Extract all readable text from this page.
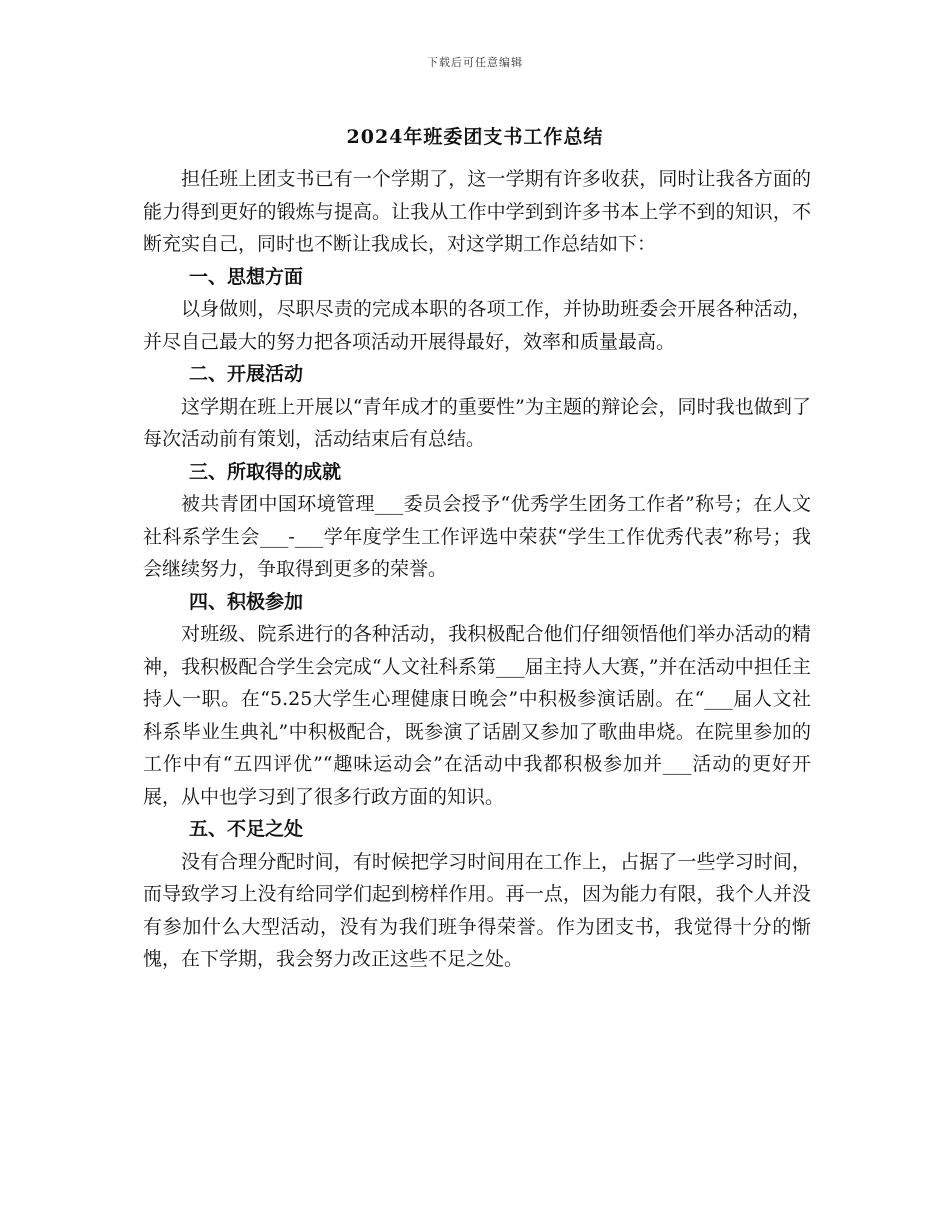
下载后可任意编辑
2024年班委团支书工作总结

担任班上团支书已有一个学期了，这一学期有许多收获，同时让我各方面的能力得到更好的锻炼与提高。让我从工作中学到到许多书本上学不到的知识，不断充实自己，同时也不断让我成长，对这学期工作总结如下：

一、思想方面

以身做则，尽职尽责的完成本职的各项工作，并协助班委会开展各种活动，并尽自己最大的努力把各项活动开展得最好，效率和质量最高。

二、开展活动

这学期在班上开展以“青年成才的重要性”为主题的辩论会，同时我也做到了每次活动前有策划，活动结束后有总结。

三、所取得的成就

被共青团中国环境管理___委员会授予“优秀学生团务工作者”称号；在人文社科系学生会___-___学年度学生工作评选中荣获“学生工作优秀代表”称号；我会继续努力，争取得到更多的荣誉。

四、积极参加

对班级、院系进行的各种活动，我积极配合他们仔细领悟他们举办活动的精神，我积极配合学生会完成“人文社科系第___届主持人大赛，”并在活动中担任主持人一职。在“5.25大学生心理健康日晚会”中积极参演话剧。在“___届人文社科系毕业生典礼”中积极配合，既参演了话剧又参加了歌曲串烧。在院里参加的工作中有“五四评优”“趣味运动会”在活动中我都积极参加并___活动的更好开展，从中也学习到了很多行政方面的知识。

五、不足之处

没有合理分配时间，有时候把学习时间用在工作上，占据了一些学习时间，而导致学习上没有给同学们起到榜样作用。再一点，因为能力有限，我个人并没有参加什么大型活动，没有为我们班争得荣誉。作为团支书，我觉得十分的惭愧，在下学期，我会努力改正这些不足之处。
